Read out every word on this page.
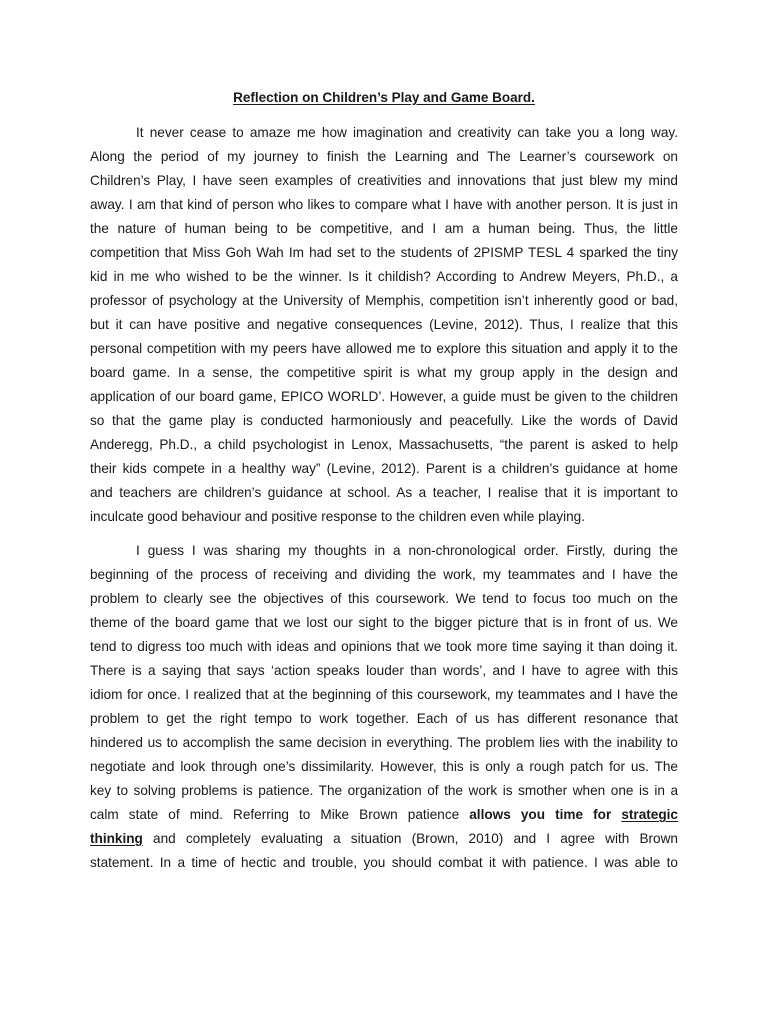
Reflection on Children’s Play and Game Board.
It never cease to amaze me how imagination and creativity can take you a long way.
Along the period of my journey to finish the Learning and The Learner’s coursework on
Children’s Play, I have seen examples of creativities and innovations that just blew my mind
away. I am that kind of person who likes to compare what I have with another person. It is just in
the nature of human being to be competitive, and I am a human being. Thus, the little
competition that Miss Goh Wah Im had set to the students of 2PISMP TESL 4 sparked the tiny
kid in me who wished to be the winner. Is it childish? According to Andrew Meyers, Ph.D., a
professor of psychology at the University of Memphis, competition isn’t inherently good or bad,
but it can have positive and negative consequences (Levine, 2012). Thus, I realize that this
personal competition with my peers have allowed me to explore this situation and apply it to the
board game. In a sense, the competitive spirit is what my group apply in the design and
application of our board game, EPICO WORLD’. However, a guide must be given to the children
so that the game play is conducted harmoniously and peacefully. Like the words of David
Anderegg, Ph.D., a child psychologist in Lenox, Massachusetts, “the parent is asked to help
their kids compete in a healthy way” (Levine, 2012). Parent is a children’s guidance at home
and teachers are children’s guidance at school. As a teacher, I realise that it is important to
inculcate good behaviour and positive response to the children even while playing.
I guess I was sharing my thoughts in a non-chronological order. Firstly, during the
beginning of the process of receiving and dividing the work, my teammates and I have the
problem to clearly see the objectives of this coursework. We tend to focus too much on the
theme of the board game that we lost our sight to the bigger picture that is in front of us. We
tend to digress too much with ideas and opinions that we took more time saying it than doing it.
There is a saying that says ‘action speaks louder than words’, and I have to agree with this
idiom for once. I realized that at the beginning of this coursework, my teammates and I have the
problem to get the right tempo to work together. Each of us has different resonance that
hindered us to accomplish the same decision in everything. The problem lies with the inability to
negotiate and look through one’s dissimilarity. However, this is only a rough patch for us. The
key to solving problems is patience. The organization of the work is smother when one is in a
calm state of mind. Referring to Mike Brown patience allows you time for strategic
thinking and completely evaluating a situation (Brown, 2010) and I agree with Brown
statement. In a time of hectic and trouble, you should combat it with patience. I was able to
